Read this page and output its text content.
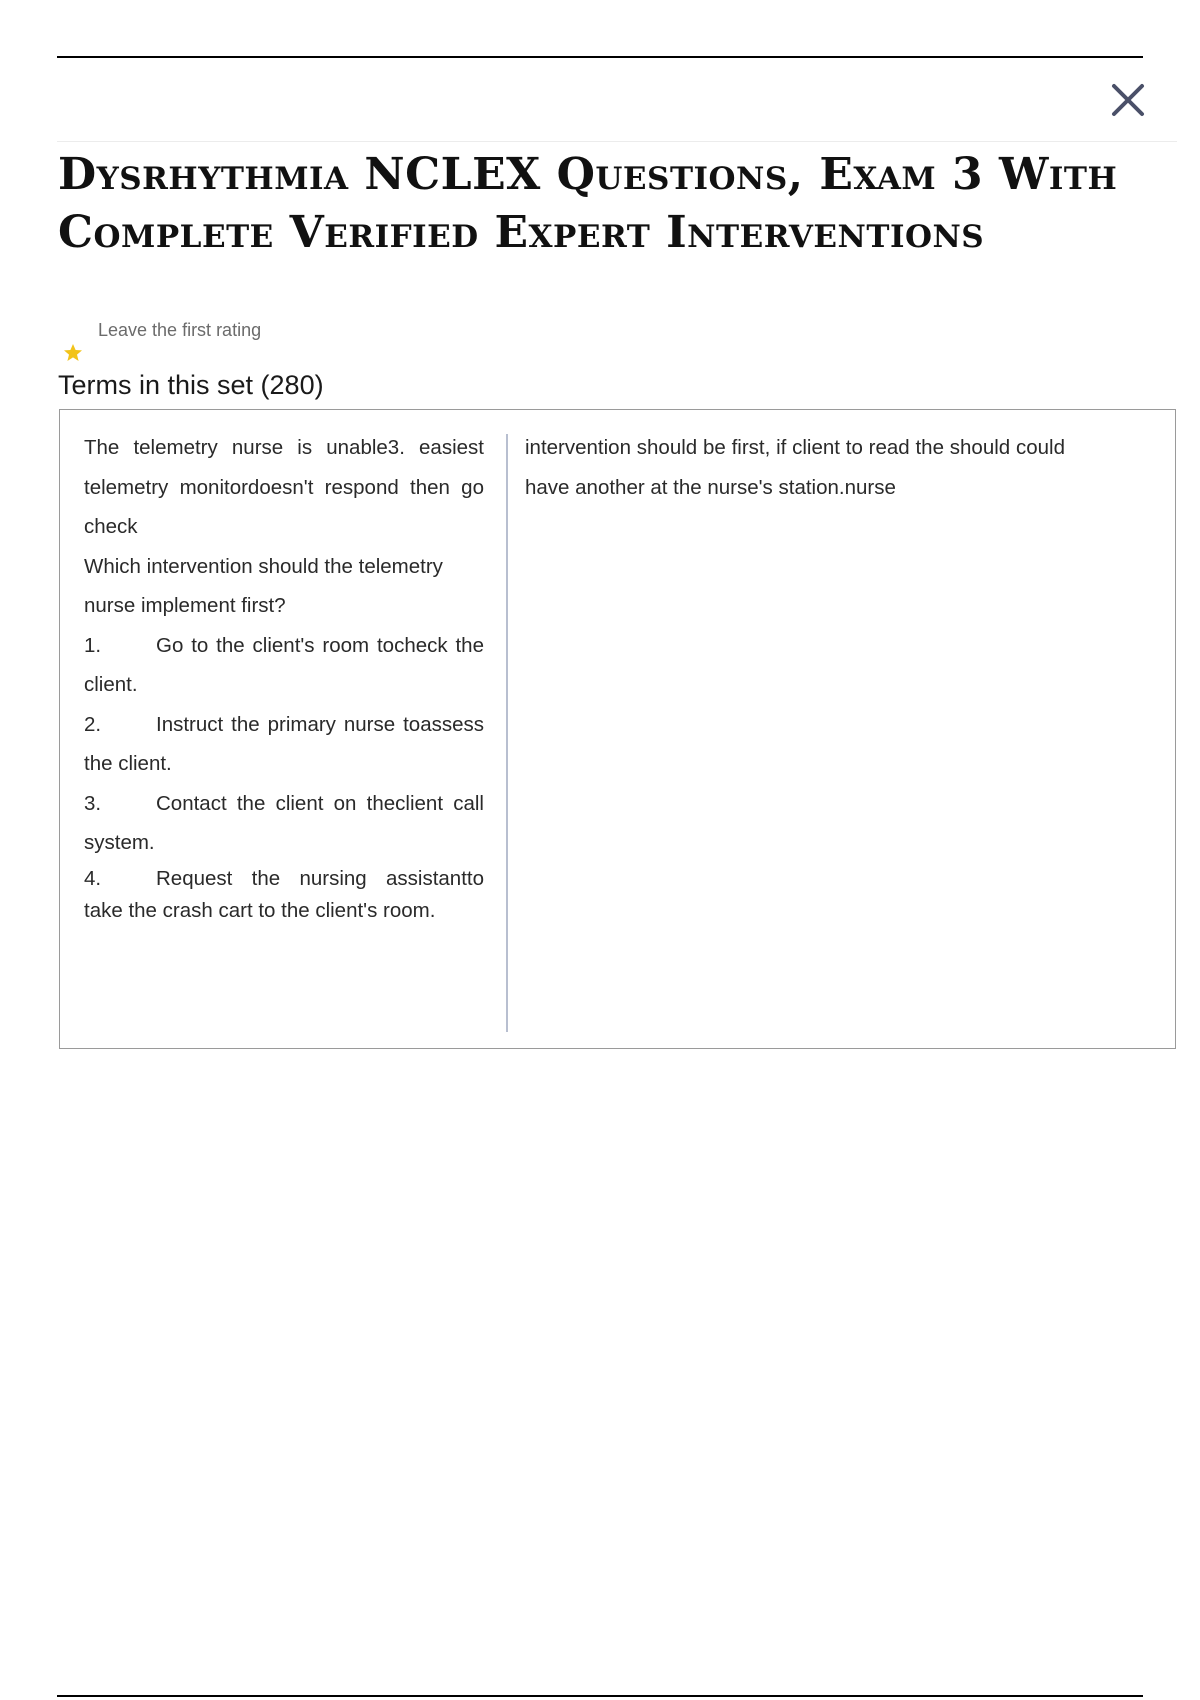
Dysrhythmia NCLEX Questions, Exam 3 With Complete Verified Expert Interventions
Leave the first rating
Terms in this set (280)

The telemetry nurse is unable3. easiest telemetry monitordoesn't respond then go check

Which intervention should the telemetry nurse implement first?

1.	Go to the client's room tocheck the client.
2.	Instruct the primary nurse toassess the client.
3.	Contact the client on theclient call system.
4.	Request the nursing assistantto take the crash cart to the client's room.

intervention should be first, if client to read the should could have another at the nurse's station.nurse
